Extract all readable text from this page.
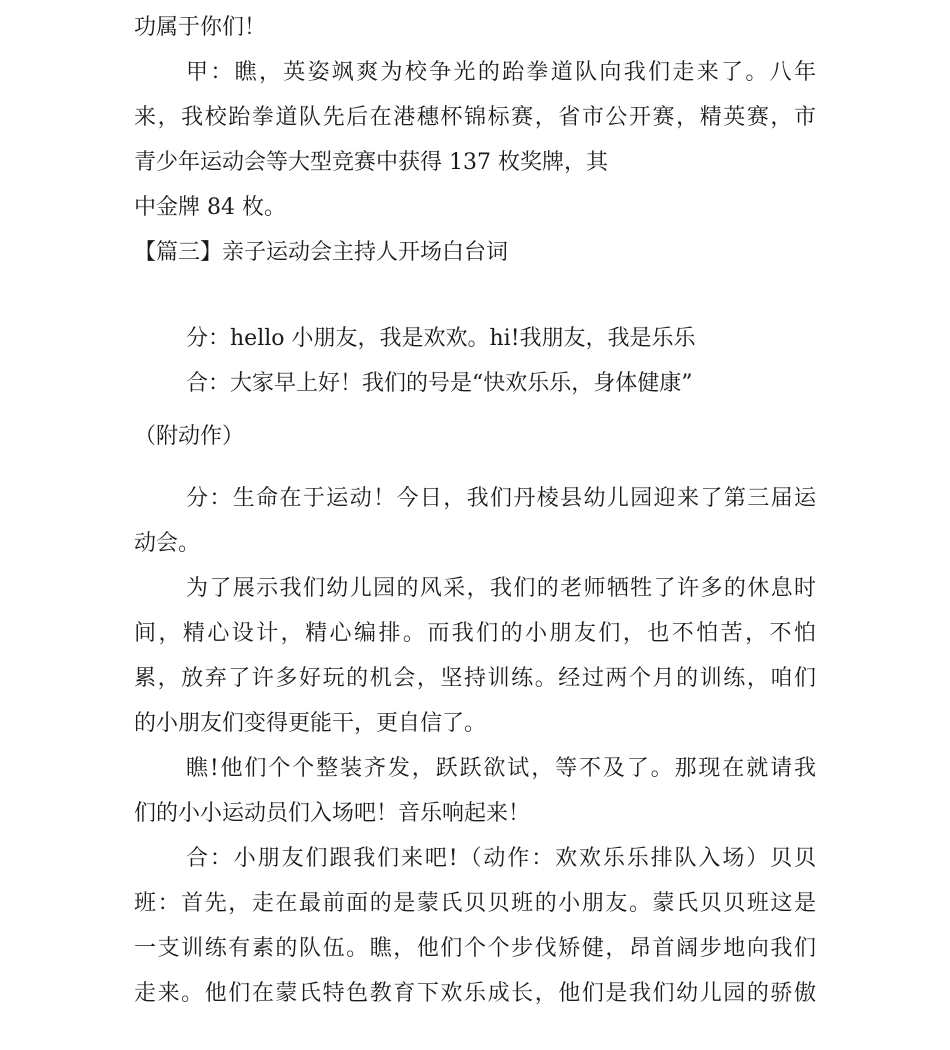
功属于你们！

甲：瞧，英姿飒爽为校争光的跆拳道队向我们走来了。八年

来，我校跆拳道队先后在港穗杯锦标赛，省市公开赛，精英赛，市

青少年运动会等大型竞赛中获得 137 枚奖牌，其

中金牌 84 枚。

【篇三】亲子运动会主持人开场白台词

分：hello 小朋友，我是欢欢。hi!我朋友，我是乐乐

合：大家早上好！我们的号是“快欢乐乐，身体健康”

（附动作）

分：生命在于运动！今日，我们丹棱县幼儿园迎来了第三届运

动会。

为了展示我们幼儿园的风采，我们的老师牺牲了许多的休息时

间，精心设计，精心编排。而我们的小朋友们，也不怕苦，不怕

累，放弃了许多好玩的机会，坚持训练。经过两个月的训练，咱们

的小朋友们变得更能干，更自信了。

瞧!他们个个整装齐发，跃跃欲试，等不及了。那现在就请我

们的小小运动员们入场吧！音乐响起来！

合：小朋友们跟我们来吧!（动作：欢欢乐乐排队入场）贝贝

班：首先，走在最前面的是蒙氏贝贝班的小朋友。蒙氏贝贝班这是

一支训练有素的队伍。瞧，他们个个步伐矫健，昂首阔步地向我们

走来。他们在蒙氏特色教育下欢乐成长，他们是我们幼儿园的骄傲
